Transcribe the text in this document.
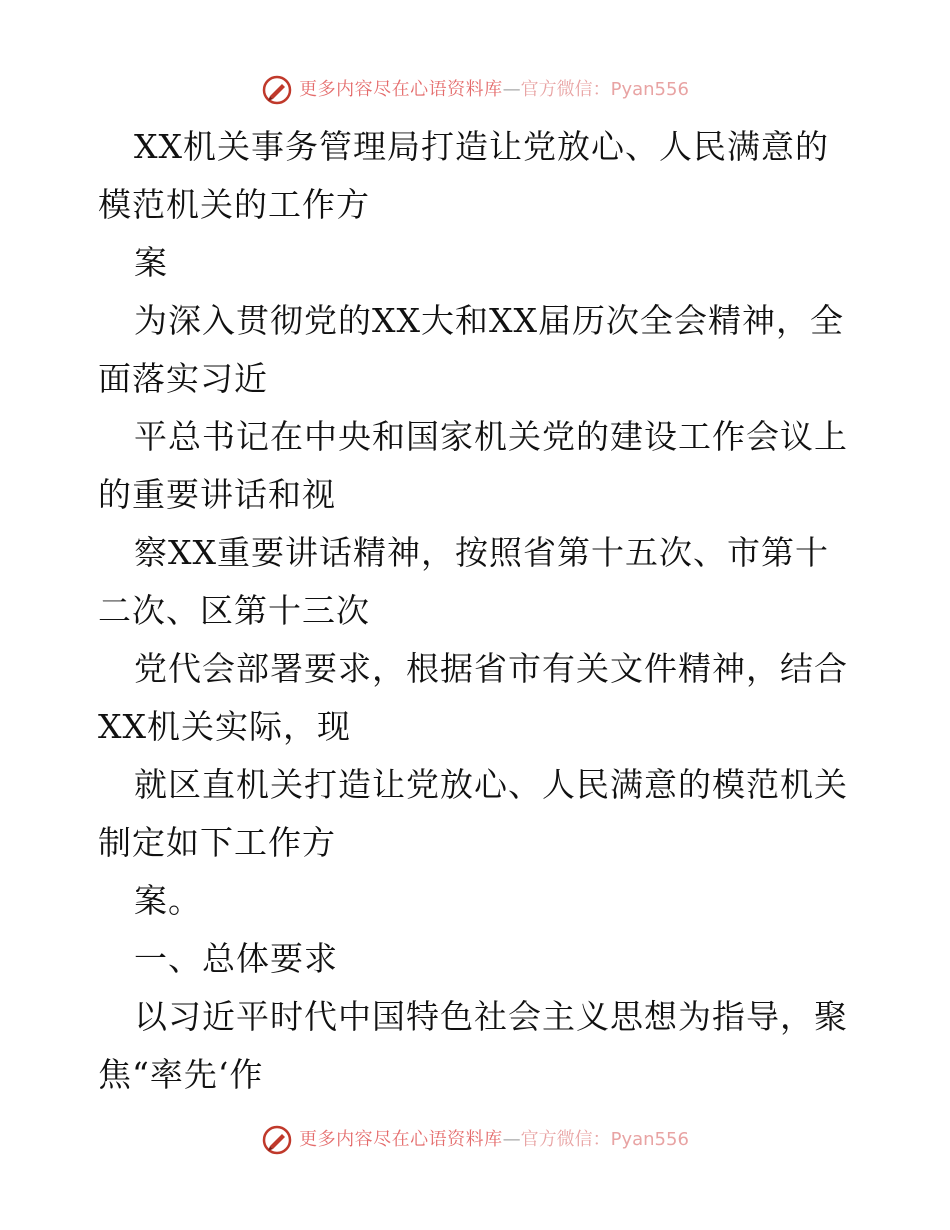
更多内容尽在心语资料库 — 官方微信：Pyan556
XX机关事务管理局打造让党放心、人民满意的
模范机关的工作方
案
为深入贯彻党的XX大和XX届历次全会精神，全
面落实习近
平总书记在中央和国家机关党的建设工作会议上
的重要讲话和视
察XX重要讲话精神，按照省第十五次、市第十
二次、区第十三次
党代会部署要求，根据省市有关文件精神，结合
XX机关实际，现
就区直机关打造让党放心、人民满意的模范机关
制定如下工作方
案。
一、总体要求
以习近平时代中国特色社会主义思想为指导，聚
焦“率先‘作
更多内容尽在心语资料库 — 官方微信：Pyan556
